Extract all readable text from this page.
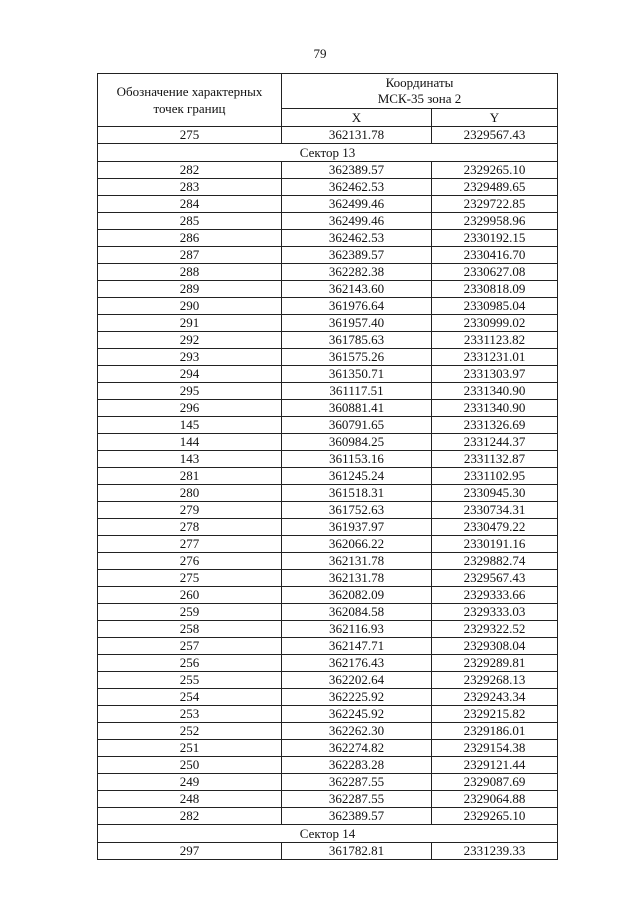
79
Обозначение характерных точек границ	Координаты
МСК-35 зона 2	

	X	Y
275	362131.78	2329567.43
Сектор 13		
282	362389.57	2329265.10
283	362462.53	2329489.65
284	362499.46	2329722.85
285	362499.46	2329958.96
286	362462.53	2330192.15
287	362389.57	2330416.70
288	362282.38	2330627.08
289	362143.60	2330818.09
290	361976.64	2330985.04
291	361957.40	2330999.02
292	361785.63	2331123.82
293	361575.26	2331231.01
294	361350.71	2331303.97
295	361117.51	2331340.90
296	360881.41	2331340.90
145	360791.65	2331326.69
144	360984.25	2331244.37
143	361153.16	2331132.87
281	361245.24	2331102.95
280	361518.31	2330945.30
279	361752.63	2330734.31
278	361937.97	2330479.22
277	362066.22	2330191.16
276	362131.78	2329882.74
275	362131.78	2329567.43
260	362082.09	2329333.66
259	362084.58	2329333.03
258	362116.93	2329322.52
257	362147.71	2329308.04
256	362176.43	2329289.81
255	362202.64	2329268.13
254	362225.92	2329243.34
253	362245.92	2329215.82
252	362262.30	2329186.01
251	362274.82	2329154.38
250	362283.28	2329121.44
249	362287.55	2329087.69
248	362287.55	2329064.88
282	362389.57	2329265.10
Сектор 14		
297	361782.81	2331239.33
